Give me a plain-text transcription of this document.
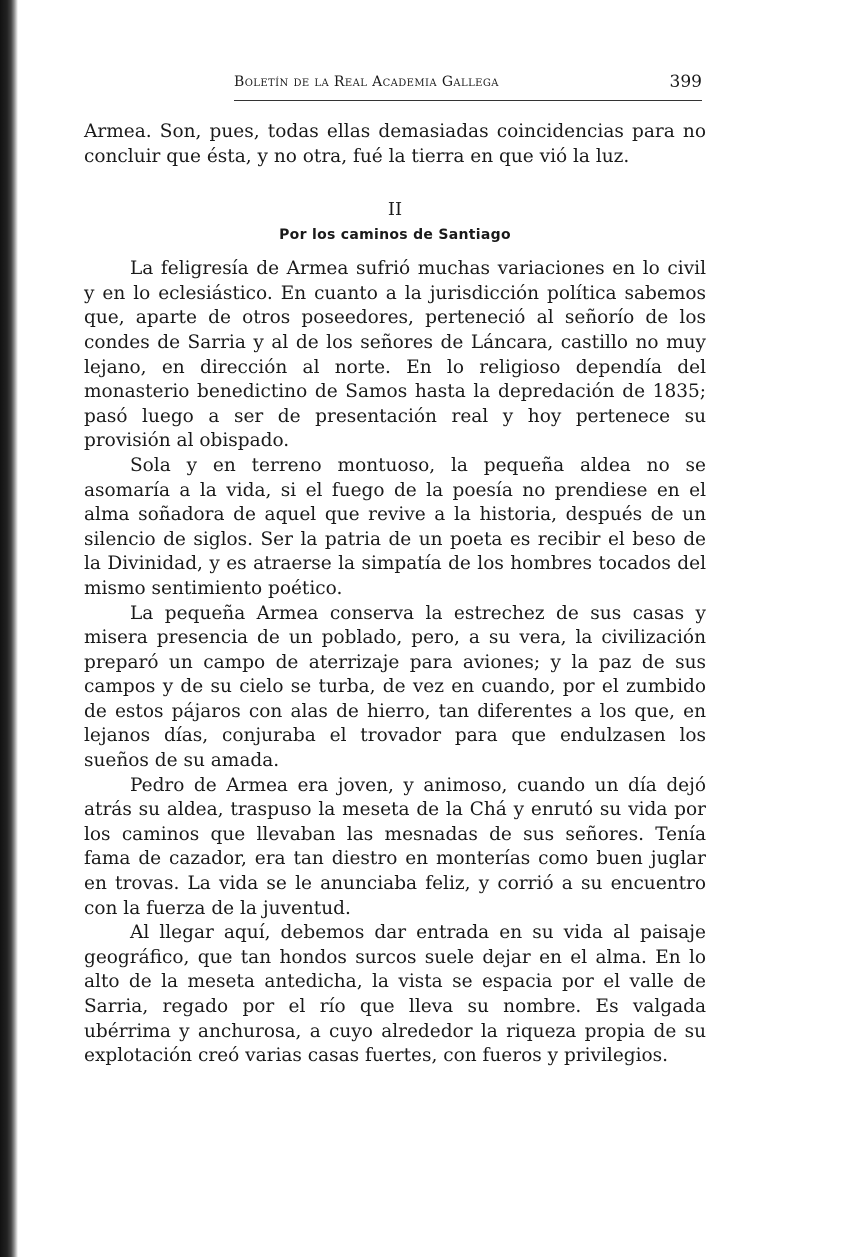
Boletín de la Real Academia Gallega	399

Armea. Son, pues, todas ellas demasiadas coincidencias para no concluir que ésta, y no otra, fué la tierra en que vió la luz.

II
Por los caminos de Santiago

La feligresía de Armea sufrió muchas variaciones en lo civil y en lo eclesiástico. En cuanto a la jurisdicción política sabemos que, aparte de otros poseedores, perteneció al señorío de los condes de Sarria y al de los señores de Láncara, castillo no muy lejano, en dirección al norte. En lo religioso dependía del monasterio benedictino de Samos hasta la depredación de 1835; pasó luego a ser de presentación real y hoy pertenece su provisión al obispado.

Sola y en terreno montuoso, la pequeña aldea no se asomaría a la vida, si el fuego de la poesía no prendiese en el alma soñadora de aquel que revive a la historia, después de un silencio de siglos. Ser la patria de un poeta es recibir el beso de la Divinidad, y es atraerse la simpatía de los hombres tocados del mismo sentimiento poético.

La pequeña Armea conserva la estrechez de sus casas y misera presencia de un poblado, pero, a su vera, la civilización preparó un campo de aterrizaje para aviones; y la paz de sus campos y de su cielo se turba, de vez en cuando, por el zumbido de estos pájaros con alas de hierro, tan diferentes a los que, en lejanos días, conjuraba el trovador para que endulzasen los sueños de su amada.

Pedro de Armea era joven, y animoso, cuando un día dejó atrás su aldea, traspuso la meseta de la Chá y enrutó su vida por los caminos que llevaban las mesnadas de sus señores. Tenía fama de cazador, era tan diestro en monterías como buen juglar en trovas. La vida se le anunciaba feliz, y corrió a su encuentro con la fuerza de la juventud.

Al llegar aquí, debemos dar entrada en su vida al paisaje geográfico, que tan hondos surcos suele dejar en el alma. En lo alto de la meseta antedicha, la vista se espacia por el valle de Sarria, regado por el río que lleva su nombre. Es valgada ubérrima y anchurosa, a cuyo alrededor la riqueza propia de su explotación creó varias casas fuertes, con fueros y privilegios.
